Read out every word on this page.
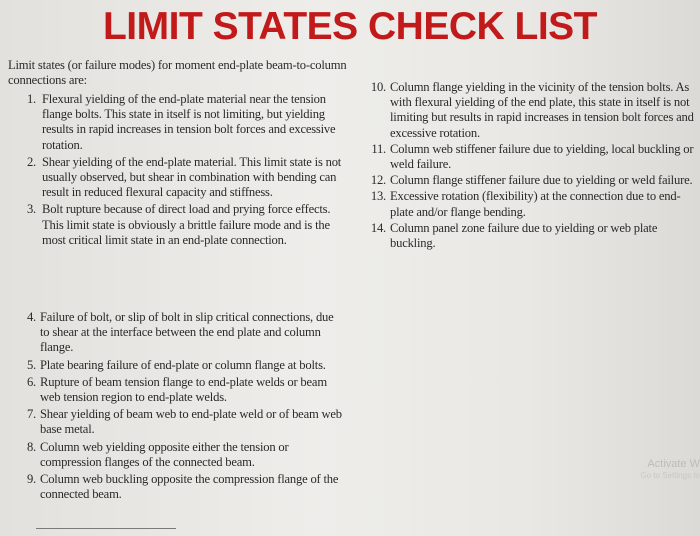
LIMIT STATES CHECK LIST
Limit states (or failure modes) for moment end-plate beam-to-column connections are:
1. Flexural yielding of the end-plate material near the tension flange bolts. This state in itself is not limiting, but yielding results in rapid increases in tension bolt forces and excessive rotation.
2. Shear yielding of the end-plate material. This limit state is not usually observed, but shear in combination with bending can result in reduced flexural capacity and stiffness.
3. Bolt rupture because of direct load and prying force effects. This limit state is obviously a brittle failure mode and is the most critical limit state in an end-plate connection.
4. Failure of bolt, or slip of bolt in slip critical connections, due to shear at the interface between the end plate and column flange.
5. Plate bearing failure of end-plate or column flange at bolts.
6. Rupture of beam tension flange to end-plate welds or beam web tension region to end-plate welds.
7. Shear yielding of beam web to end-plate weld or of beam web base metal.
8. Column web yielding opposite either the tension or compression flanges of the connected beam.
9. Column web buckling opposite the compression flange of the connected beam.
10. Column flange yielding in the vicinity of the tension bolts. As with flexural yielding of the end plate, this state in itself is not limiting but results in rapid increases in tension bolt forces and excessive rotation.
11. Column web stiffener failure due to yielding, local buckling or weld failure.
12. Column flange stiffener failure due to yielding or weld failure.
13. Excessive rotation (flexibility) at the connection due to end-plate and/or flange bending.
14. Column panel zone failure due to yielding or web plate buckling.
Activate W
Go to Settings to
